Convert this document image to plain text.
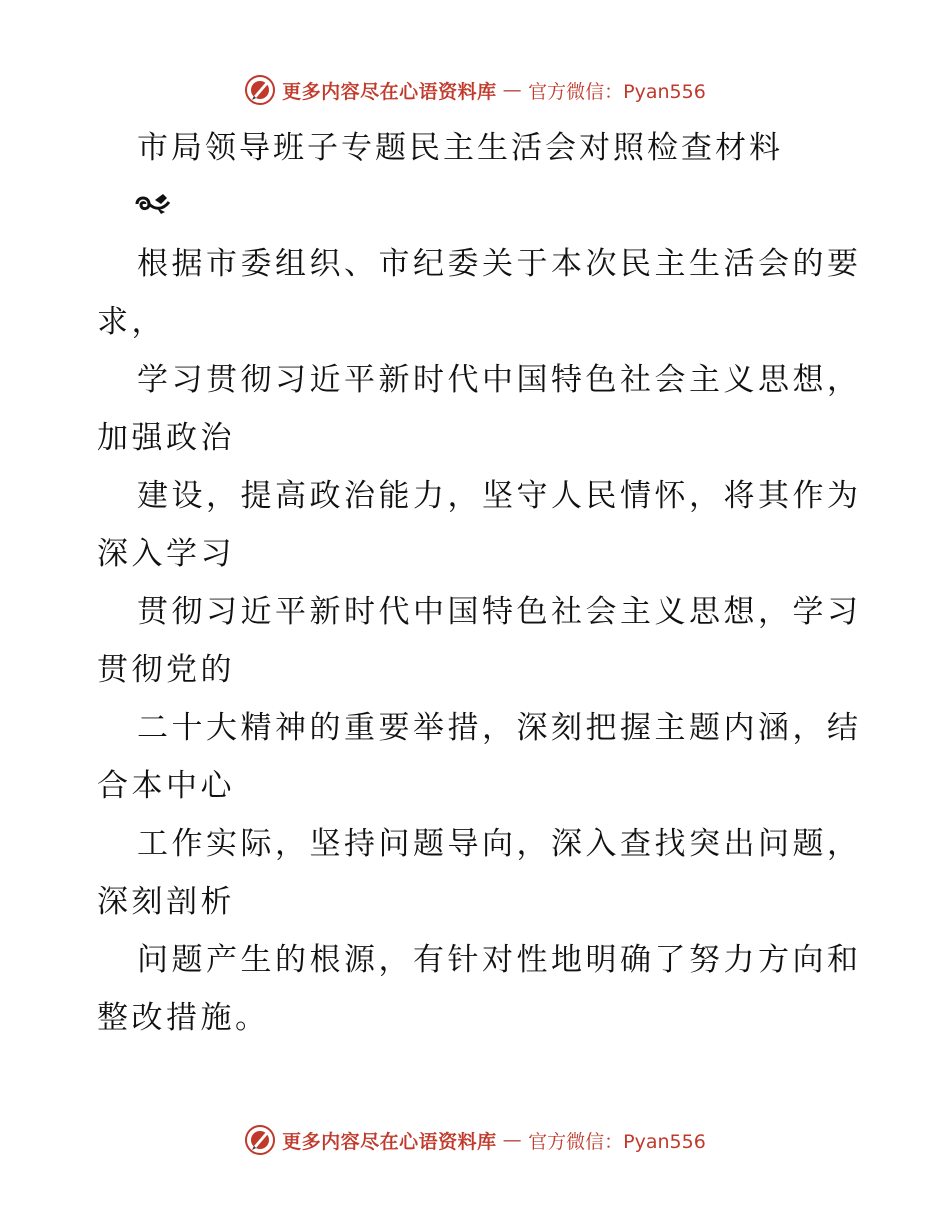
更多内容尽在心语资料库 — 官方微信：Pyan556
市局领导班子专题民主生活会对照检查材料
根据市委组织、市纪委关于本次民主生活会的要
求，
学习贯彻习近平新时代中国特色社会主义思想，
加强政治
建设，提高政治能力，坚守人民情怀，将其作为
深入学习
贯彻习近平新时代中国特色社会主义思想，学习
贯彻党的
二十大精神的重要举措，深刻把握主题内涵，结
合本中心
工作实际，坚持问题导向，深入查找突出问题，
深刻剖析
问题产生的根源，有针对性地明确了努力方向和
整改措施。
更多内容尽在心语资料库 — 官方微信：Pyan556
